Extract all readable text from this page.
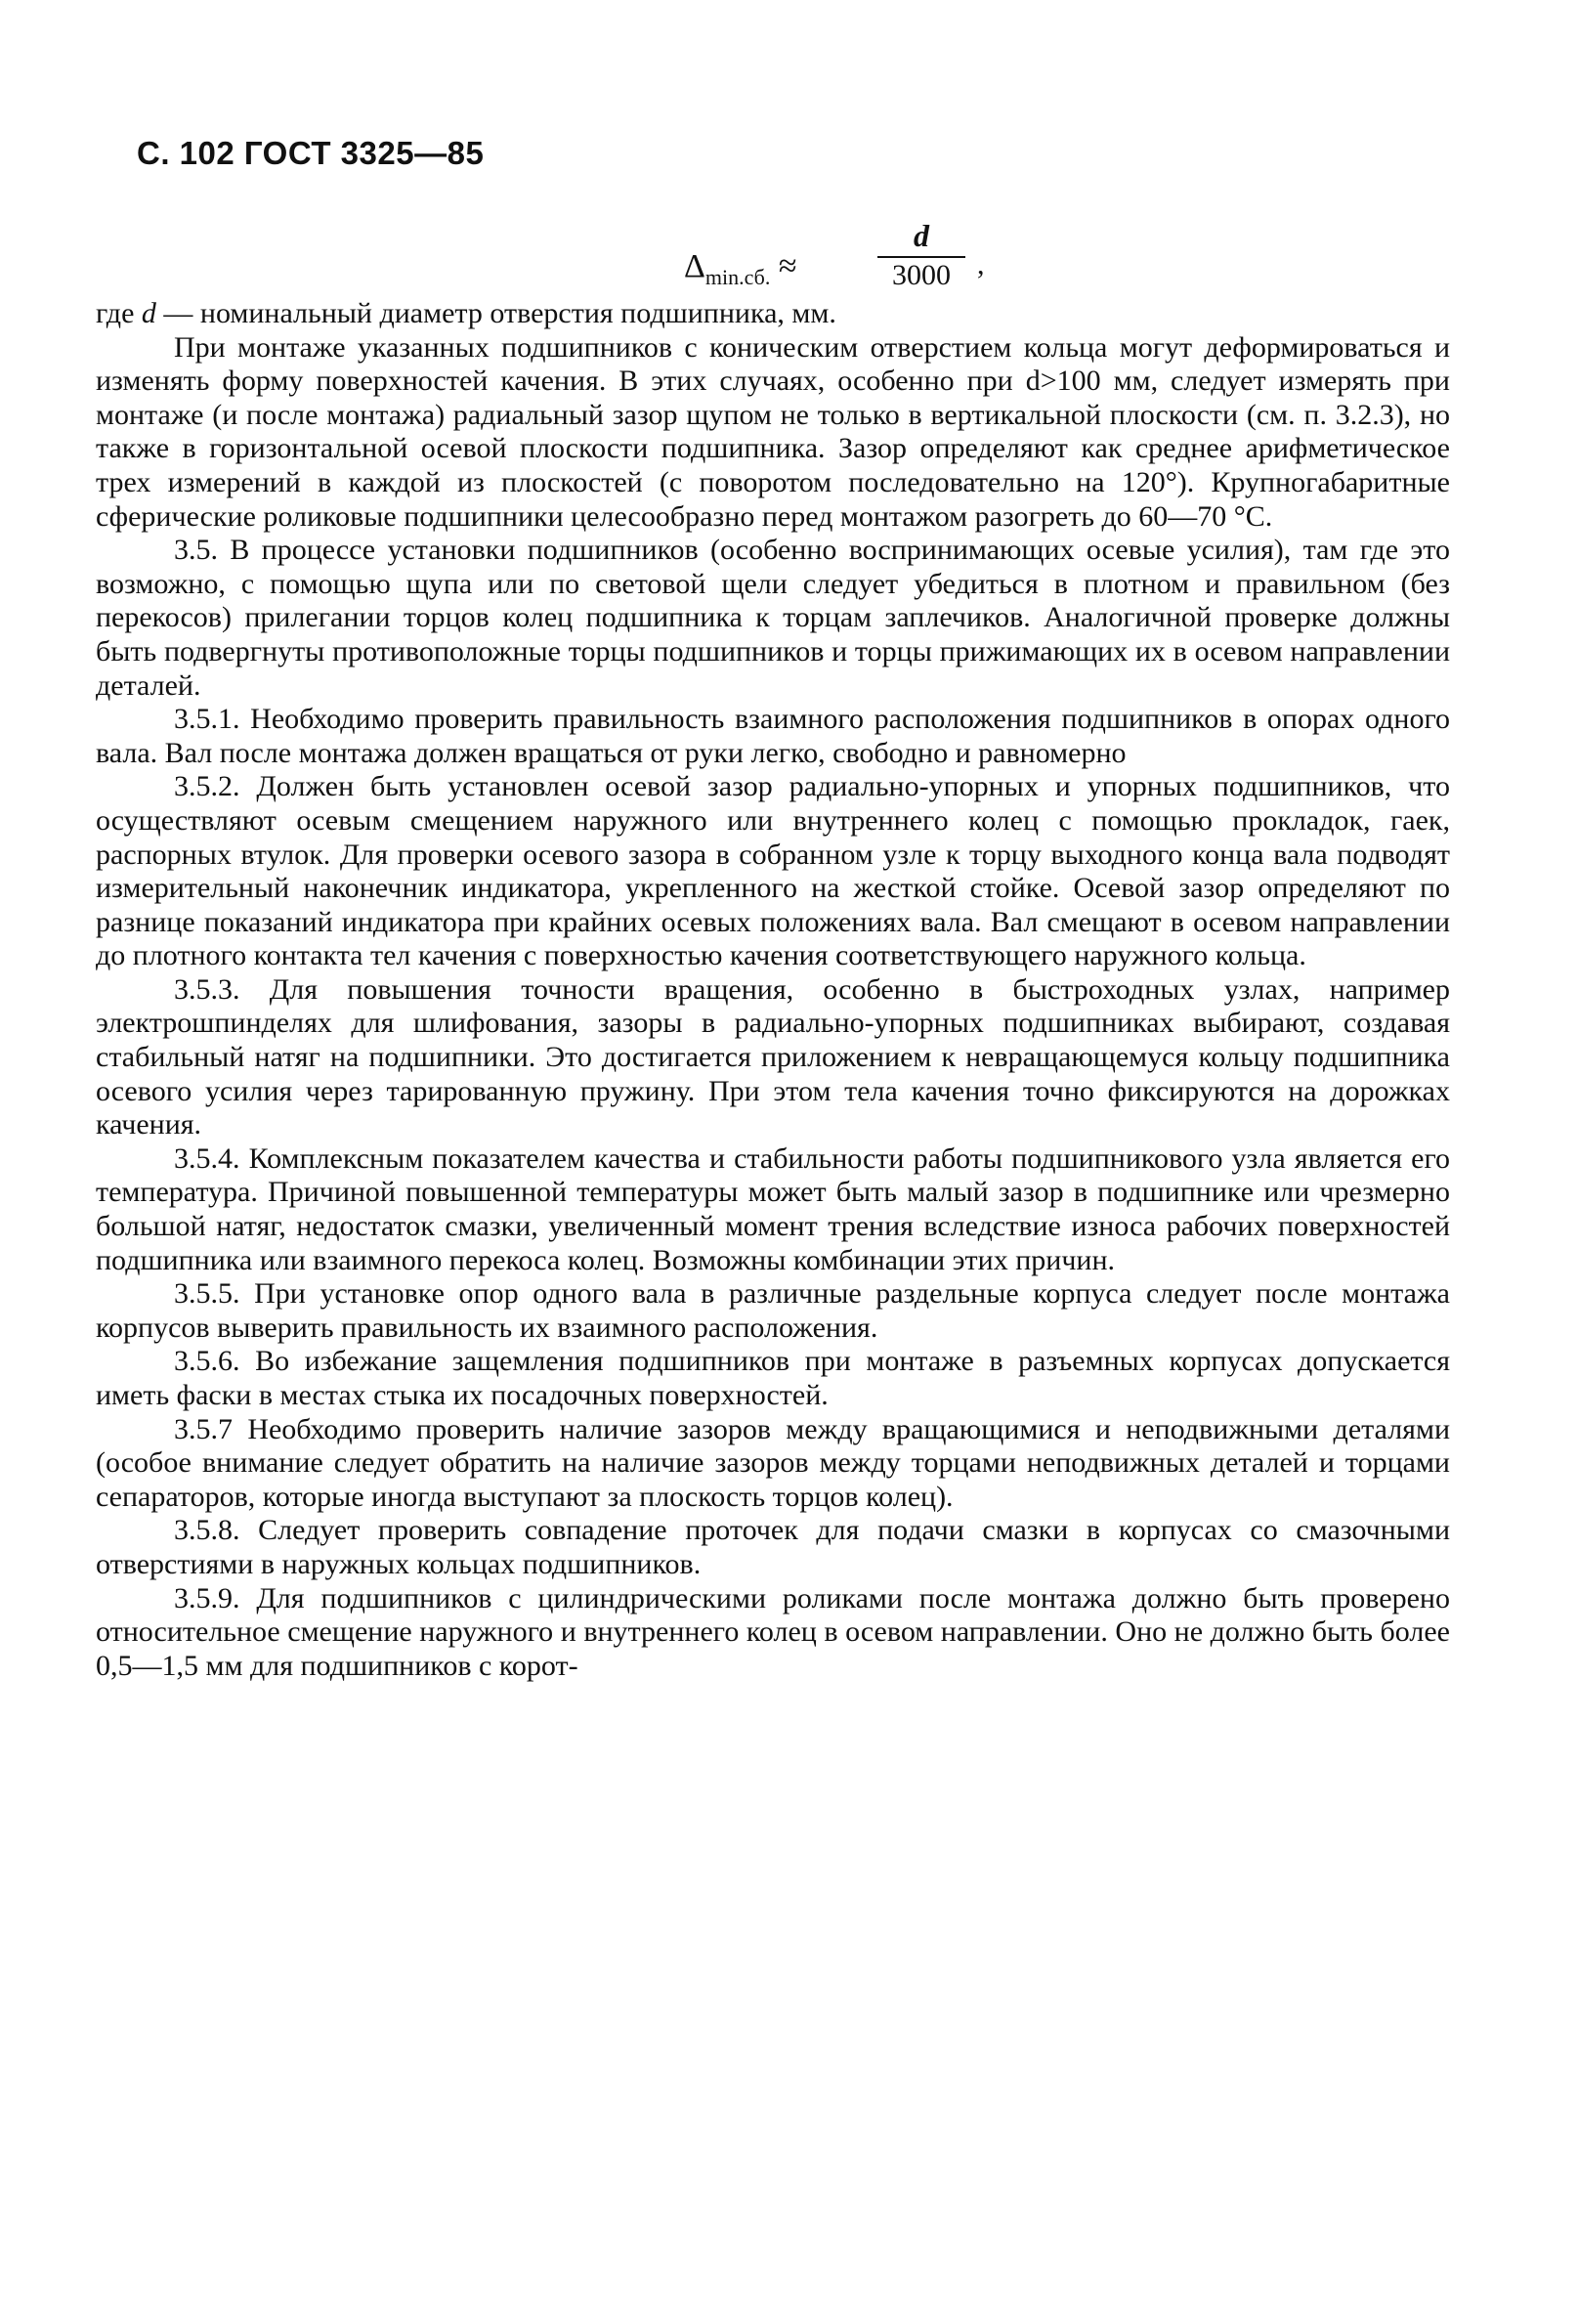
С. 102 ГОСТ 3325—85
$\Delta_{min.сб.}$ ≈
d
3000 ,

где d — номинальный диаметр отверстия подшипника, мм.

При монтаже указанных подшипников с коническим отверстием кольца могут деформироваться и изменять форму поверхностей качения. В этих случаях, особенно при d>100 мм, следует измерять при монтаже (и после монтажа) радиальный зазор щупом не только в вертикальной плоскости (см. п. 3.2.3), но также в горизонтальной осевой плоскости подшипника. Зазор определяют как среднее арифметическое трех измерений в каждой из плоскостей (с поворотом последовательно на 120°). Крупногабаритные сферические роликовые подшипники целесообразно перед монтажом разогреть до 60—70 °С.

3.5. В процессе установки подшипников (особенно воспринимающих осевые усилия), там где это возможно, с помощью щупа или по световой щели следует убедиться в плотном и правильном (без перекосов) прилегании торцов колец подшипника к торцам заплечиков. Аналогичной проверке должны быть подвергнуты противоположные торцы подшипников и торцы прижимающих их в осевом направлении деталей.

3.5.1. Необходимо проверить правильность взаимного расположения подшипников в опорах одного вала. Вал после монтажа должен вращаться от руки легко, свободно и равномерно

3.5.2. Должен быть установлен осевой зазор радиально-упорных и упорных подшипников, что осуществляют осевым смещением наружного или внутреннего колец с помощью прокладок, гаек, распорных втулок. Для проверки осевого зазора в собранном узле к торцу выходного конца вала подводят измерительный наконечник индикатора, укрепленного на жесткой стойке. Осевой зазор определяют по разнице показаний индикатора при крайних осевых положениях вала. Вал смещают в осевом направлении до плотного контакта тел качения с поверхностью качения соответствующего наружного кольца.

3.5.3. Для повышения точности вращения, особенно в быстроходных узлах, например электрошпинделях для шлифования, зазоры в радиально-упорных подшипниках выбирают, создавая стабильный натяг на подшипники. Это достигается приложением к невращающемуся кольцу подшипника осевого усилия через тарированную пружину. При этом тела качения точно фиксируются на дорожках качения.

3.5.4. Комплексным показателем качества и стабильности работы подшипникового узла является его температура. Причиной повышенной температуры может быть малый зазор в подшипнике или чрезмерно большой натяг, недостаток смазки, увеличенный момент трения вследствие износа рабочих поверхностей подшипника или взаимного перекоса колец. Возможны комбинации этих причин.

3.5.5. При установке опор одного вала в различные раздельные корпуса следует после монтажа корпусов выверить правильность их взаимного расположения.

3.5.6. Во избежание защемления подшипников при монтаже в разъемных корпусах допускается иметь фаски в местах стыка их посадочных поверхностей.

3.5.7 Необходимо проверить наличие зазоров между вращающимися и неподвижными деталями (особое внимание следует обратить на наличие зазоров между торцами неподвижных деталей и торцами сепараторов, которые иногда выступают за плоскость торцов колец).

3.5.8. Следует проверить совпадение проточек для подачи смазки в корпусах со смазочными отверстиями в наружных кольцах подшипников.

3.5.9. Для подшипников с цилиндрическими роликами после монтажа должно быть проверено относительное смещение наружного и внутреннего колец в осевом направлении. Оно не должно быть более 0,5—1,5 мм для подшипников с корот-
